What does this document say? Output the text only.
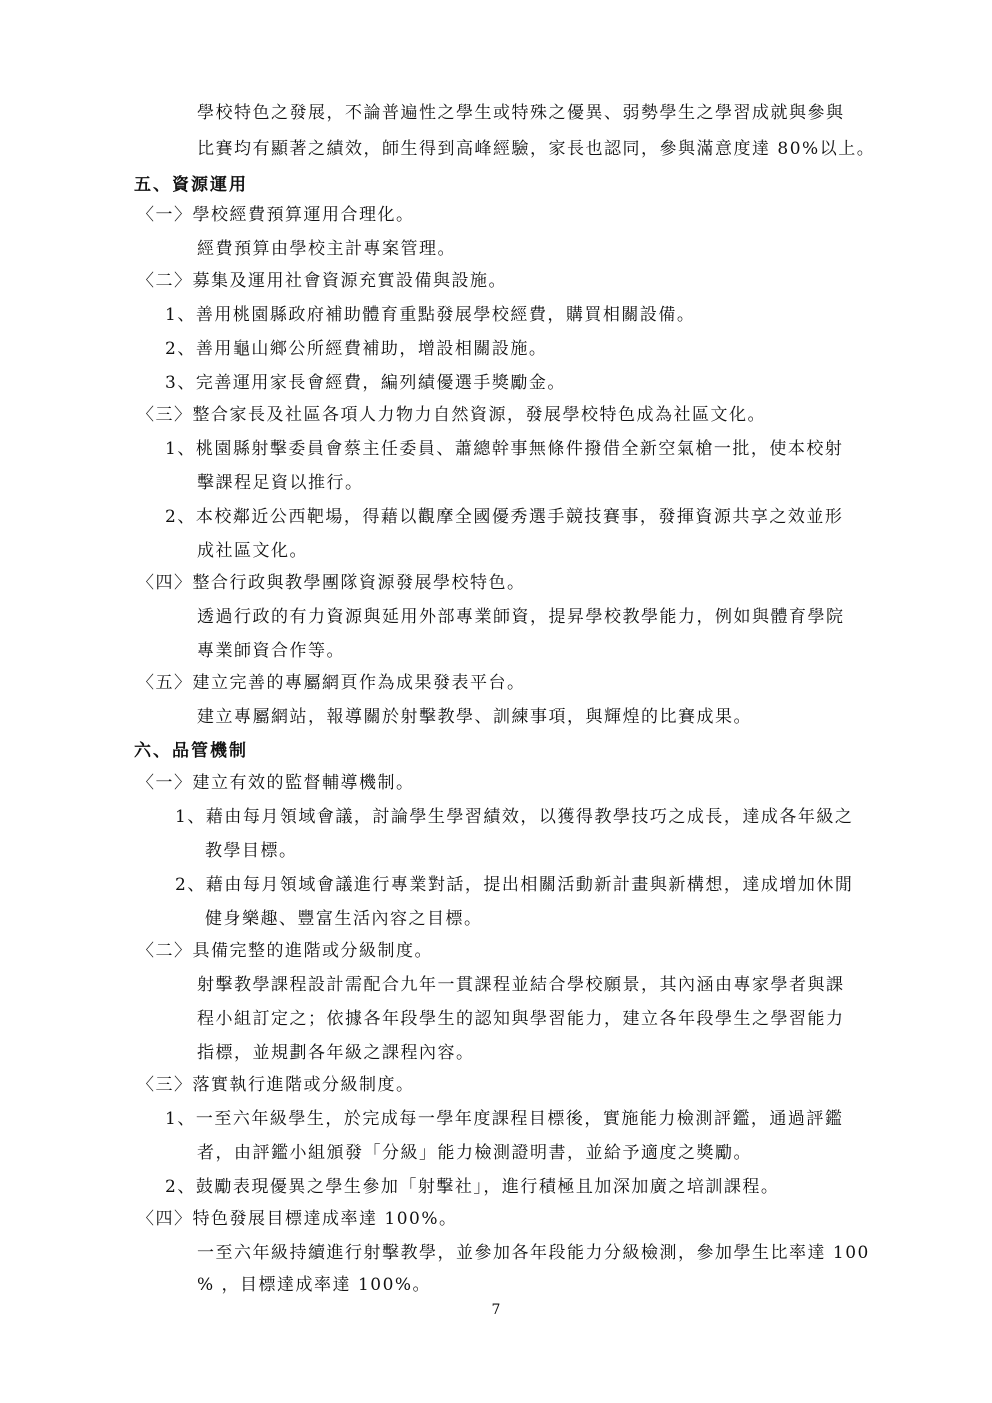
學校特色之發展，不論普遍性之學生或特殊之優異、弱勢學生之學習成就與參與
比賽均有顯著之績效，師生得到高峰經驗，家長也認同，參與滿意度達 80%以上。
五、資源運用
〈一〉學校經費預算運用合理化。
經費預算由學校主計專案管理。
〈二〉募集及運用社會資源充實設備與設施。
1、善用桃園縣政府補助體育重點發展學校經費，購買相關設備。
2、善用龜山鄉公所經費補助，增設相關設施。
3、完善運用家長會經費，編列績優選手獎勵金。
〈三〉整合家長及社區各項人力物力自然資源，發展學校特色成為社區文化。
1、桃園縣射擊委員會蔡主任委員、蕭總幹事無條件撥借全新空氣槍一批，使本校射
擊課程足資以推行。
2、本校鄰近公西靶場，得藉以觀摩全國優秀選手競技賽事，發揮資源共享之效並形
成社區文化。
〈四〉整合行政與教學團隊資源發展學校特色。
透過行政的有力資源與延用外部專業師資，提昇學校教學能力，例如與體育學院
專業師資合作等。
〈五〉建立完善的專屬網頁作為成果發表平台。
建立專屬網站，報導關於射擊教學、訓練事項，與輝煌的比賽成果。
六、品管機制
〈一〉建立有效的監督輔導機制。
1、藉由每月領域會議，討論學生學習績效，以獲得教學技巧之成長，達成各年級之
教學目標。
2、藉由每月領域會議進行專業對話，提出相關活動新計畫與新構想，達成增加休閒
健身樂趣、豐富生活內容之目標。
〈二〉具備完整的進階或分級制度。
射擊教學課程設計需配合九年一貫課程並結合學校願景，其內涵由專家學者與課
程小組訂定之；依據各年段學生的認知與學習能力，建立各年段學生之學習能力
指標，並規劃各年級之課程內容。
〈三〉落實執行進階或分級制度。
1、一至六年級學生，於完成每一學年度課程目標後，實施能力檢測評鑑，通過評鑑
者，由評鑑小組頒發「分級」能力檢測證明書，並給予適度之獎勵。
2、鼓勵表現優異之學生參加「射擊社」，進行積極且加深加廣之培訓課程。
〈四〉特色發展目標達成率達 100%。
一至六年級持續進行射擊教學，並參加各年段能力分級檢測，參加學生比率達 100
% ，目標達成率達 100%。
7
